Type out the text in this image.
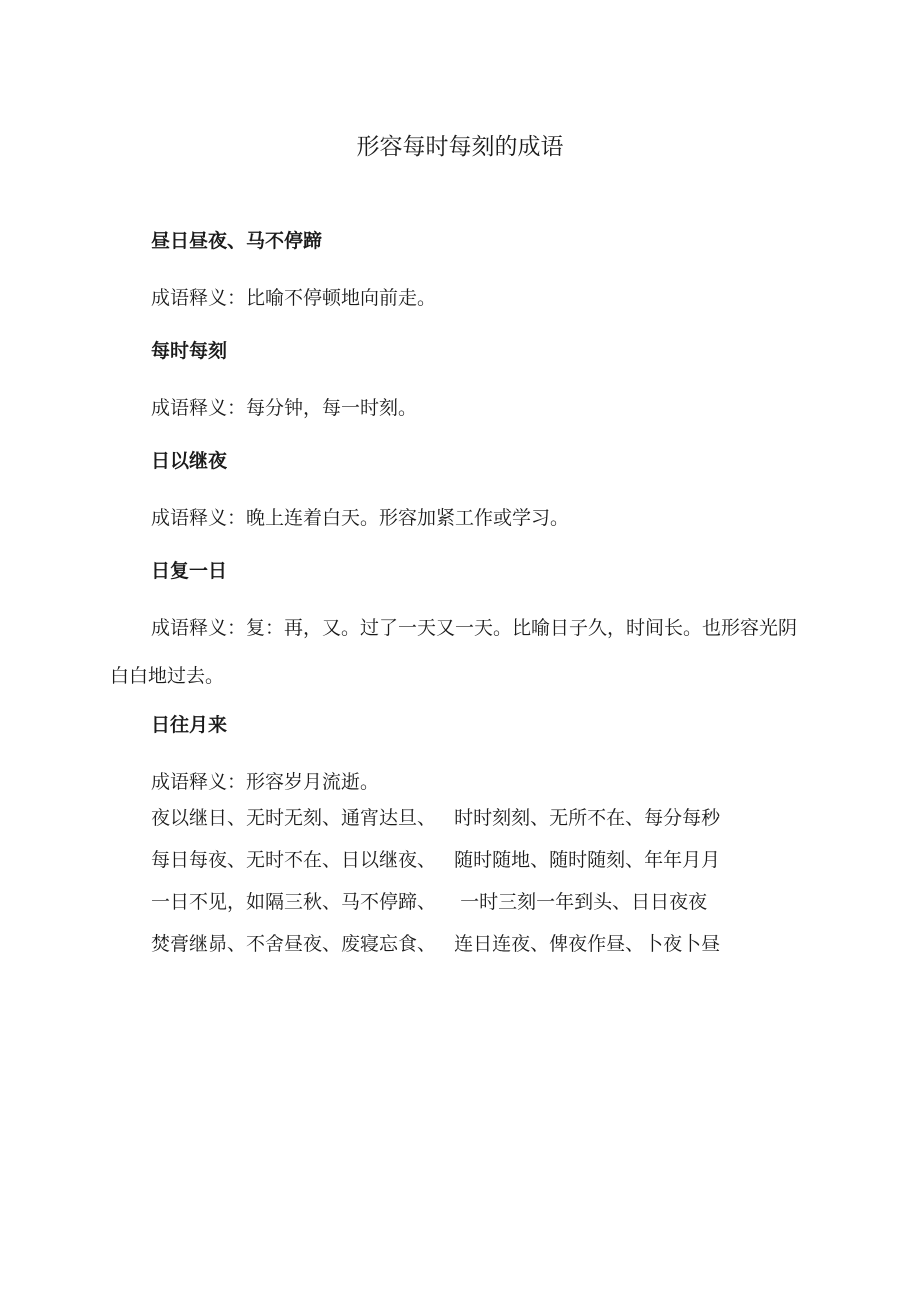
形容每时每刻的成语
昼日昼夜、马不停蹄
成语释义：比喻不停顿地向前走。
每时每刻
成语释义：每分钟，每一时刻。
日以继夜
成语释义：晚上连着白天。形容加紧工作或学习。
日复一日
成语释义：复：再，又。过了一天又一天。比喻日子久，时间长。也形容光阴白白地过去。
日往月来
成语释义：形容岁月流逝。
夜以继日、无时无刻、通宵达旦、   时时刻刻、无所不在、每分每秒
每日每夜、无时不在、日以继夜、   随时随地、随时随刻、年年月月
一日不见，如隔三秋、马不停蹄、    一时三刻一年到头、日日夜夜
焚膏继昴、不舍昼夜、废寝忘食、   连日连夜、俾夜作昼、卜夜卜昼
